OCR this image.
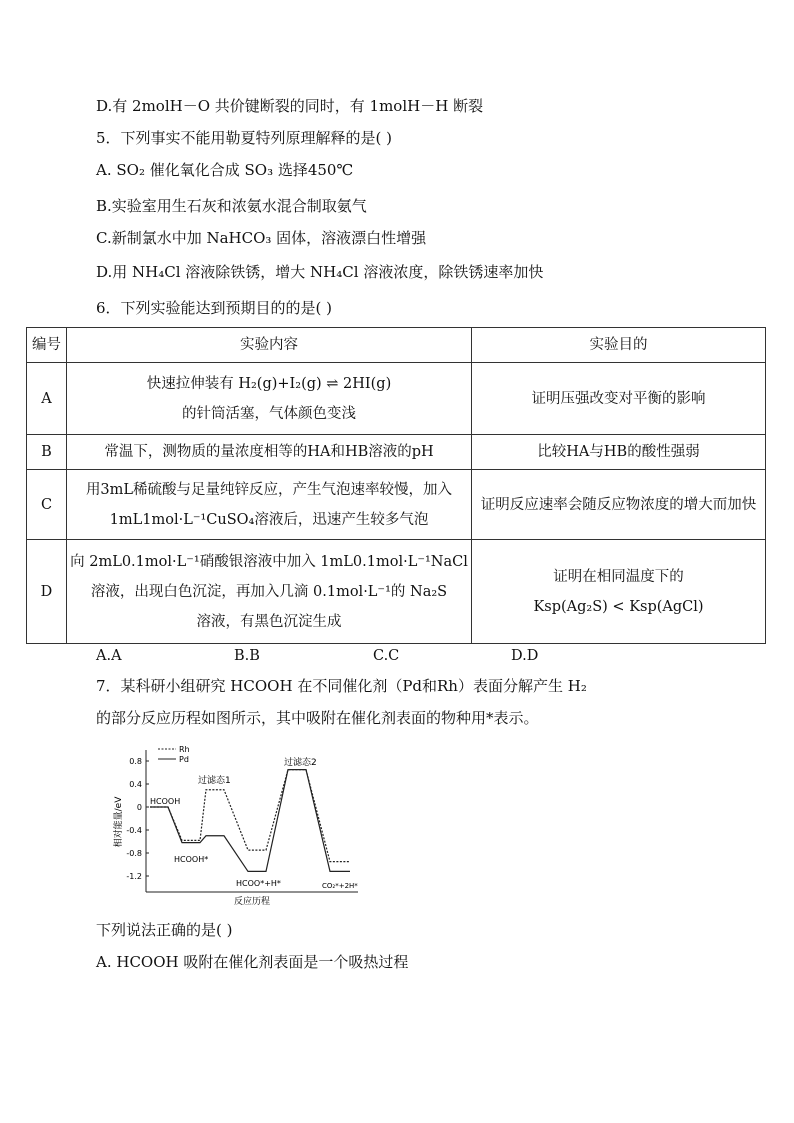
D.有 2molH－O 共价键断裂的同时，有 1molH－H 断裂
5．下列事实不能用勒夏特列原理解释的是( )
A. SO₂ 催化氧化合成 SO₃ 选择450℃
B.实验室用生石灰和浓氨水混合制取氨气
C.新制氯水中加 NaHCO₃ 固体，溶液漂白性增强
D.用 NH₄Cl 溶液除铁锈，增大 NH₄Cl 溶液浓度，除铁锈速率加快
6．下列实验能达到预期目的的是( )
编号	实验内容	实验目的
A	快速拉伸装有 H₂(g)+I₂(g) ⇌ 2HI(g)
的针筒活塞，气体颜色变浅	证明压强改变对平衡的影响

B	常温下，测物质的量浓度相等的HA和HB溶液的pH	比较HA与HB的酸性强弱

C	用3mL稀硫酸与足量纯锌反应，产生气泡速率较慢，加入
1mL1mol·L⁻¹CuSO₄溶液后，迅速产生较多气泡	证明反应速率会随反应物浓度的增大而加快

D	向 2mL0.1mol·L⁻¹硝酸银溶液中加入 1mL0.1mol·L⁻¹NaCl
溶液，出现白色沉淀，再加入几滴 0.1mol·L⁻¹的 Na₂S
溶液，有黑色沉淀生成	证明在相同温度下的
Ksp(Ag₂S) < Ksp(AgCl)
A.A	B.B	C.C	D.D
7．某科研小组研究 HCOOH 在不同催化剂（Pd和Rh）表面分解产生 H₂
的部分反应历程如图所示，其中吸附在催化剂表面的物种用*表示。
0.8
0.4
0
-0.4
-0.8
-1.2
相对能量/eV
反应历程
Rh
Pd
HCOOH
HCOOH*
过滤态1
HCOO*+H*
过滤态2
CO₂*+2H*
下列说法正确的是( )
A. HCOOH 吸附在催化剂表面是一个吸热过程
